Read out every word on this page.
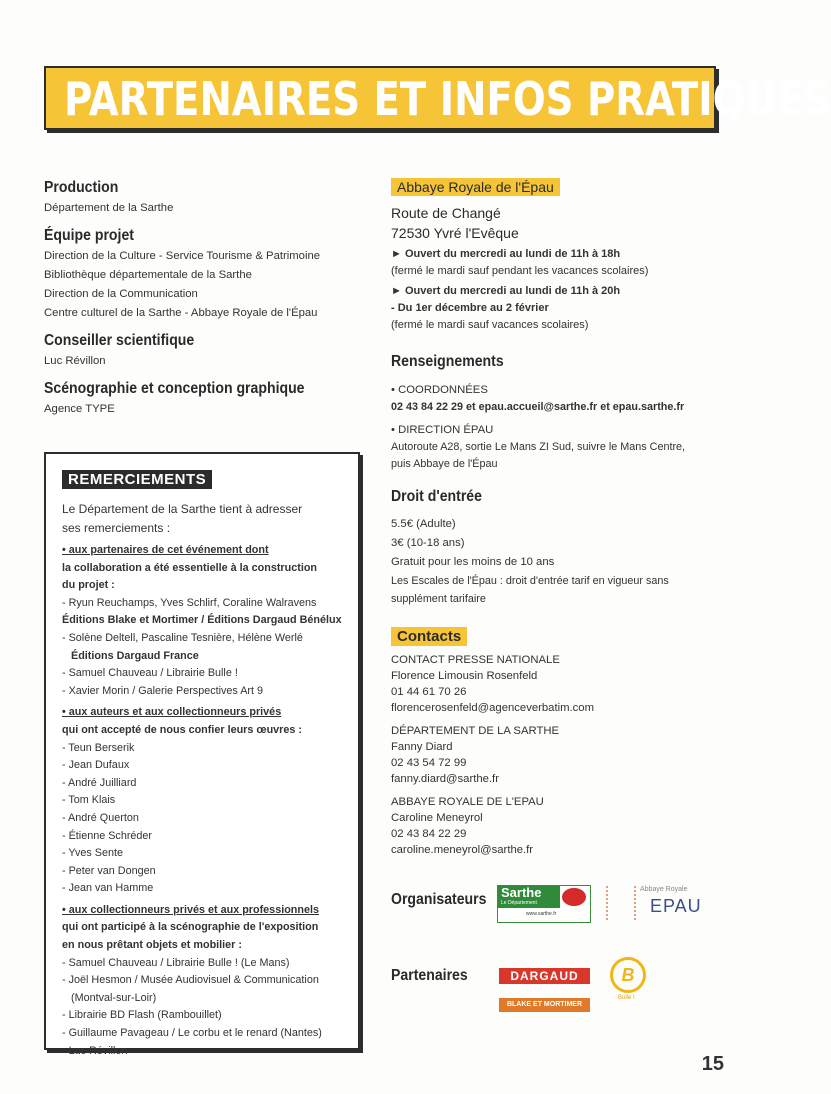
PARTENAIRES ET INFOS PRATIQUES
Production
Département de la Sarthe
Équipe projet
Direction de la Culture - Service Tourisme & Patrimoine
Bibliothèque départementale de la Sarthe
Direction de la Communication
Centre culturel de la Sarthe - Abbaye Royale de l'Épau
Conseiller scientifique
Luc Révillon
Scénographie et conception graphique
Agence TYPE
REMERCIEMENTS
Le Département de la Sarthe tient à adresser
ses remerciements :
• aux partenaires de cet événement dont
la collaboration a été essentielle à la construction
du projet :
- Ryun Reuchamps, Yves Schlirf, Coraline Walravens
Éditions Blake et Mortimer / Éditions Dargaud Bénélux
- Solène Deltell, Pascaline Tesnière, Hélène Werlé
Éditions Dargaud France
- Samuel Chauveau / Librairie Bulle !
- Xavier Morin / Galerie Perspectives Art 9
• aux auteurs et aux collectionneurs privés
qui ont accepté de nous confier leurs œuvres :
- Teun Berserik
- Jean Dufaux
- André Juilliard
- Tom Klais
- André Querton
- Étienne Schréder
- Yves Sente
- Peter van Dongen
- Jean van Hamme
• aux collectionneurs privés et aux professionnels
qui ont participé à la scénographie de l'exposition
en nous prêtant objets et mobilier :
- Samuel Chauveau / Librairie Bulle ! (Le Mans)
- Joël Hesmon / Musée Audiovisuel & Communication
(Montval-sur-Loir)
- Librairie BD Flash (Rambouillet)
- Guillaume Pavageau / Le corbu et le renard (Nantes)
- Luc Révillon
Abbaye Royale de l'Épau
Route de Changé
72530 Yvré l'Evêque
► Ouvert du mercredi au lundi de 11h à 18h
(fermé le mardi sauf pendant les vacances scolaires)
► Ouvert du mercredi au lundi de 11h à 20h
- Du 1er décembre au 2 février
(fermé le mardi sauf vacances scolaires)
Renseignements
• COORDONNÉES
02 43 84 22 29 et epau.accueil@sarthe.fr et epau.sarthe.fr
• DIRECTION ÉPAU
Autoroute A28, sortie Le Mans ZI Sud, suivre le Mans Centre,
puis Abbaye de l'Épau
Droit d'entrée
5.5€ (Adulte)
3€ (10-18 ans)
Gratuit pour les moins de 10 ans
Les Escales de l'Épau : droit d'entrée tarif en vigueur sans
supplément tarifaire
Contacts
CONTACT PRESSE NATIONALE
Florence Limousin Rosenfeld
01 44 61 70 26
florencerosenfeld@agenceverbatim.com
DÉPARTEMENT DE LA SARTHE
Fanny Diard
02 43 54 72 99
fanny.diard@sarthe.fr
ABBAYE ROYALE DE L'EPAU
Caroline Meneyrol
02 43 84 22 29
caroline.meneyrol@sarthe.fr
Organisateurs	Sarthe
Le Département
www.sarthe.fr
Abbaye Royale
EPAU
Partenaires	DARGAUD
BLAKE ET MORTIMER
B
Bulle !
15
